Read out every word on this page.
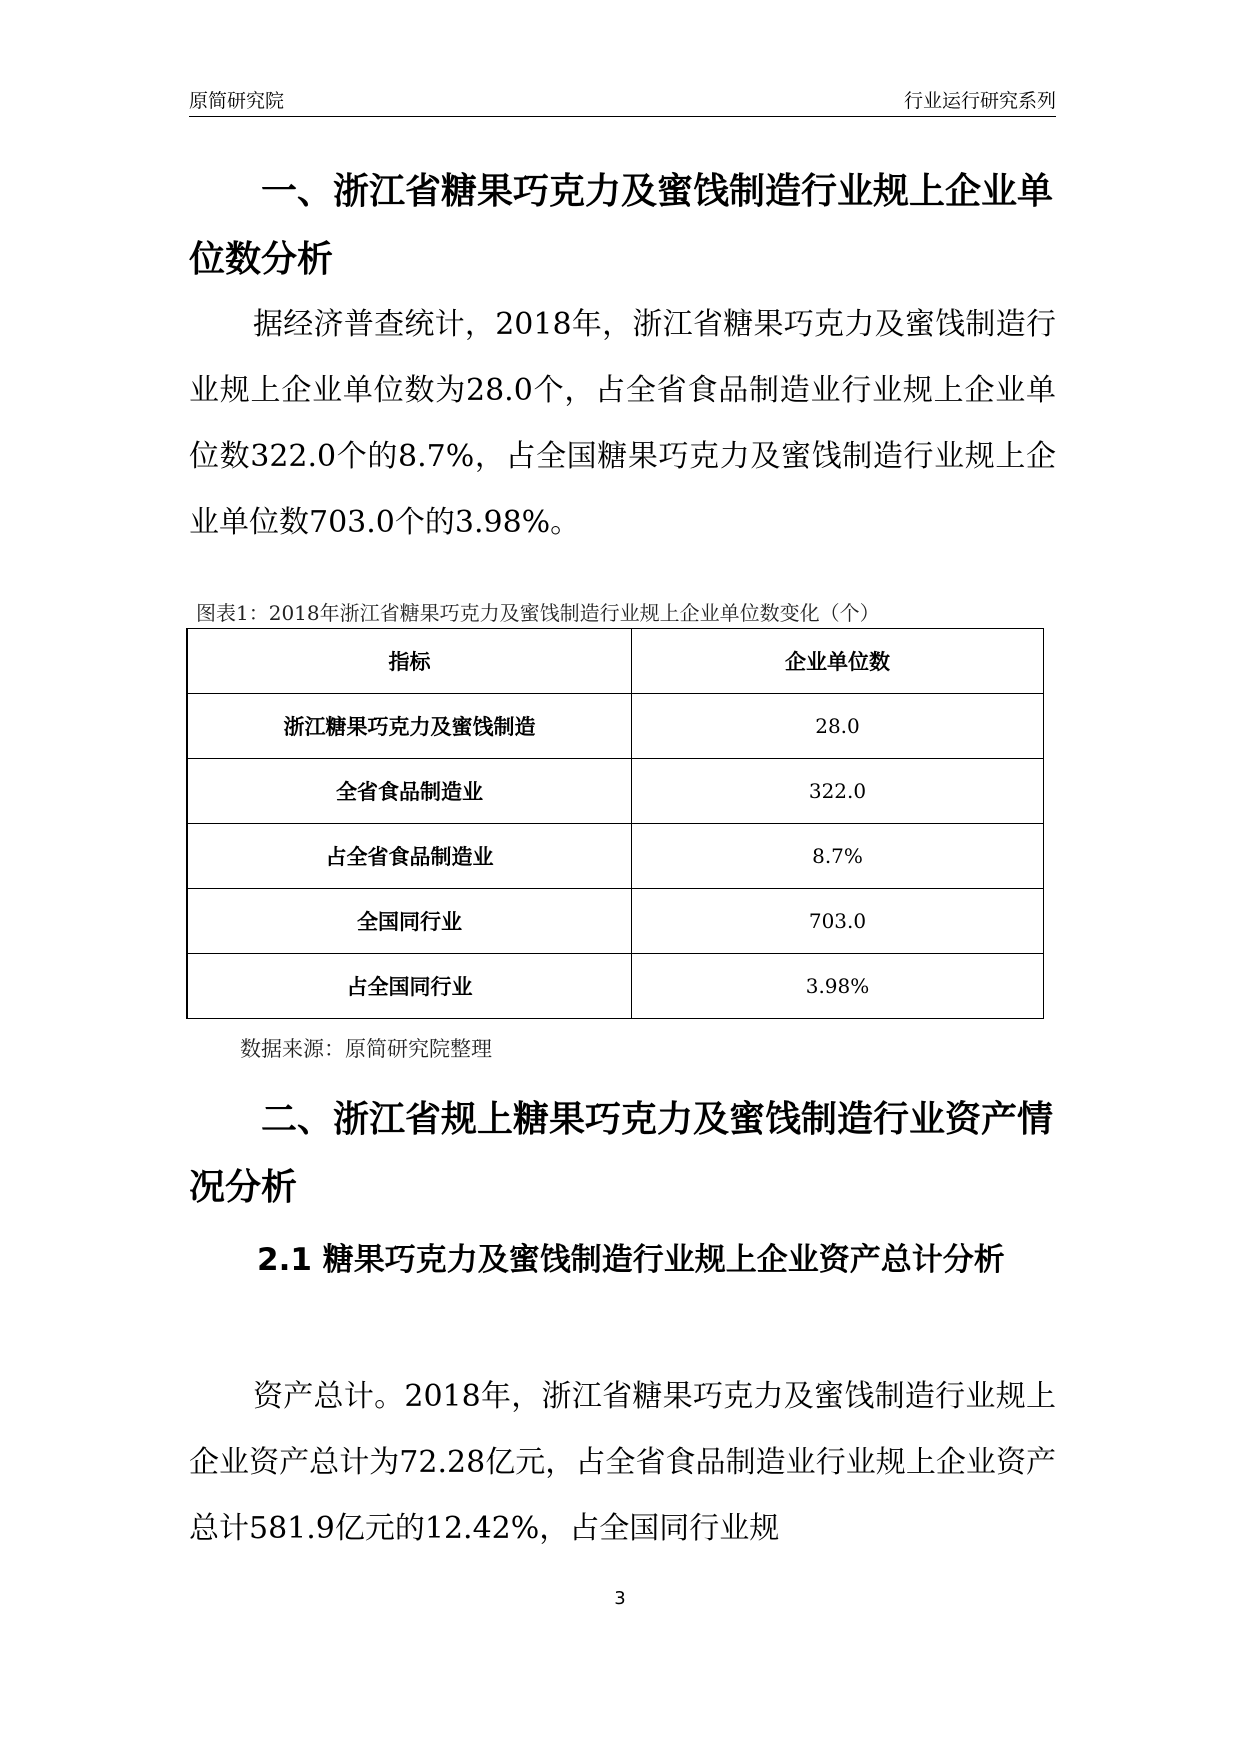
原简研究院	行业运行研究系列
一、浙江省糖果巧克力及蜜饯制造行业规上企业单位数分析

据经济普查统计，2018年，浙江省糖果巧克力及蜜饯制造行业规上企业单位数为28.0个，占全省食品制造业行业规上企业单位数322.0个的8.7%，占全国糖果巧克力及蜜饯制造行业规上企业单位数703.0个的3.98%。

图表1：2018年浙江省糖果巧克力及蜜饯制造行业规上企业单位数变化（个）
指标	企业单位数
浙江糖果巧克力及蜜饯制造	28.0
全省食品制造业	322.0
占全省食品制造业	8.7%
全国同行业	703.0
占全国同行业	3.98%
数据来源：原简研究院整理
二、浙江省规上糖果巧克力及蜜饯制造行业资产情况分析
2.1 糖果巧克力及蜜饯制造行业规上企业资产总计分析

资产总计。2018年，浙江省糖果巧克力及蜜饯制造行业规上企业资产总计为72.28亿元，占全省食品制造业行业规上企业资产总计581.9亿元的12.42%，占全国同行业规

3
